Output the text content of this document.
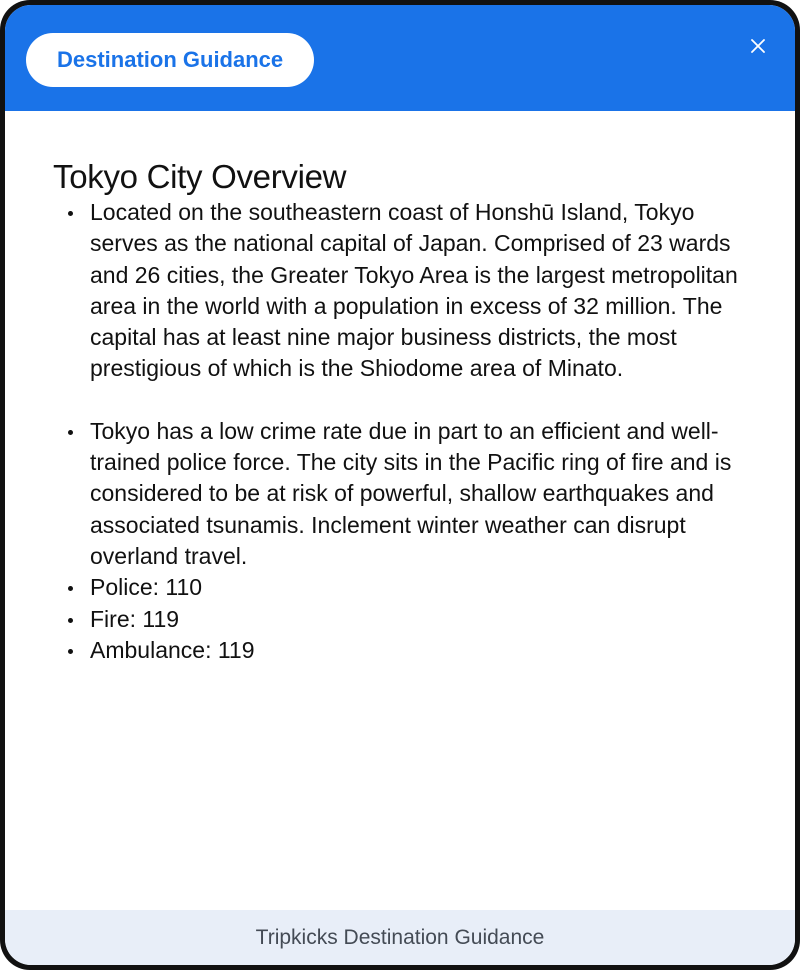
Destination Guidance
Tokyo City Overview
Located on the southeastern coast of Honshū Island, Tokyo serves as the national capital of Japan. Comprised of 23 wards and 26 cities, the Greater Tokyo Area is the largest metropolitan area in the world with a population in excess of 32 million. The capital has at least nine major business districts, the most prestigious of which is the Shiodome area of Minato.
Tokyo has a low crime rate due in part to an efficient and well-trained police force. The city sits in the Pacific ring of fire and is considered to be at risk of powerful, shallow earthquakes and associated tsunamis. Inclement winter weather can disrupt overland travel.
Police: 110
Fire: 119
Ambulance: 119
Tripkicks Destination Guidance
